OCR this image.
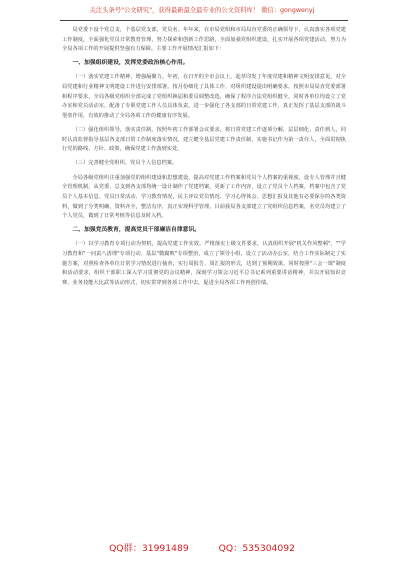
关注头条号"公文研究"，获得最新最全最专业的公文资料库！ 微信：gongwenyj

局党委下设个党总支，个基层党支部，党员名。年年来，在市局党组和市局局直党委的正确领导下，认真落实各项党建工作制度，全面强化党员日常教育管理，努力探索和创新工作思路，全面加强党组织建设，扎实开展各项党建活动，努力为全局各项工作的开展提供坚强有力保障。主要工作开展情况汇报如下：

一、加强组织建设，发挥党委政治核心作用。

（一）落实党建工作精神，增强凝聚力。年初，在日开的全市会议上，起草印发了年度党建和精神文明安排意见，对全局党建和行业精神文明建设工作进行安排部署。按月份细化了具体工作，对组织建设提出明确要求。按照市局局直党委部署和程序要求，全局各级党组织全部完成了党组织换届和委员调整改选，确保了程序合法党组织健全，同时各单位均设立了党办室和党员活动室，配备了专职党建工作人员具体负责，进一步强化了各支部的日常党建工作，真正发挥了基层支部的战斗堡垒作用，有效的推动了全局各项工作的健康有序发展。

（二）强化组织领导，落实责任制。按照年初工作部署会议要求，将日常党建工作逐项分解，层层细化，责任到人，同时认真监督指导基层各支部日常工作制度落实情况，建立健全基层党建工作责任制，实施书记作为第一责任人，全面贯彻执行党的路线、方针、政策，确保党建工作落到实处。

（三）完善健全党组织、党员个人信息档案。

全局各级党组织注重加强党的组织建设和思想建设，提高对党建工作档案和党员个人档案的重视度，设专人管理并且健全管理机制，从党委、总支到各支部均统一设计制作了党建档案，更新了工作内容，设立了党员个人档案，档案中包含了党员个人基本信息、党员日常活动、学习教育情况，民主评议党员情况、学习心得体会、思想汇报及其他有必要保存的各类资料，做到了分类明确，资料齐全，整洁有序，真正实现科学管理。目前我局各支部建立了党组织信息档案，名党员均建立了个人党员，做到了日常考核等信息及时入档。

二、加强党员教育，提高党员干部廉洁自律意识。

（一）以学习教育专项行动为契机，提高党建工作实效。严格落实上级文件要求，认真组织开展"机关作风整顿"、""学习教育和"一问责八清理"专项行动、基层"微腐败"专项整治，成立了领导小组，设立了活动办公室，结合工作实际制定了实施方案，对照检查各单位日常学习情况进行抽查，实行周报告、周汇报的形式，达到了预期效果。同时按照"三会一课"制度和活动要求，组织干部职工深入学习贯彻党的会议精神，深刻学习领会习近平总书记系列重要讲话精神，并以开展知识竞赛、业务技能大比武等活动形式，切实贯穿到各项工作中去，促进全局各项工作再创佳绩。

QQ群：31991489	QQ：535304092
